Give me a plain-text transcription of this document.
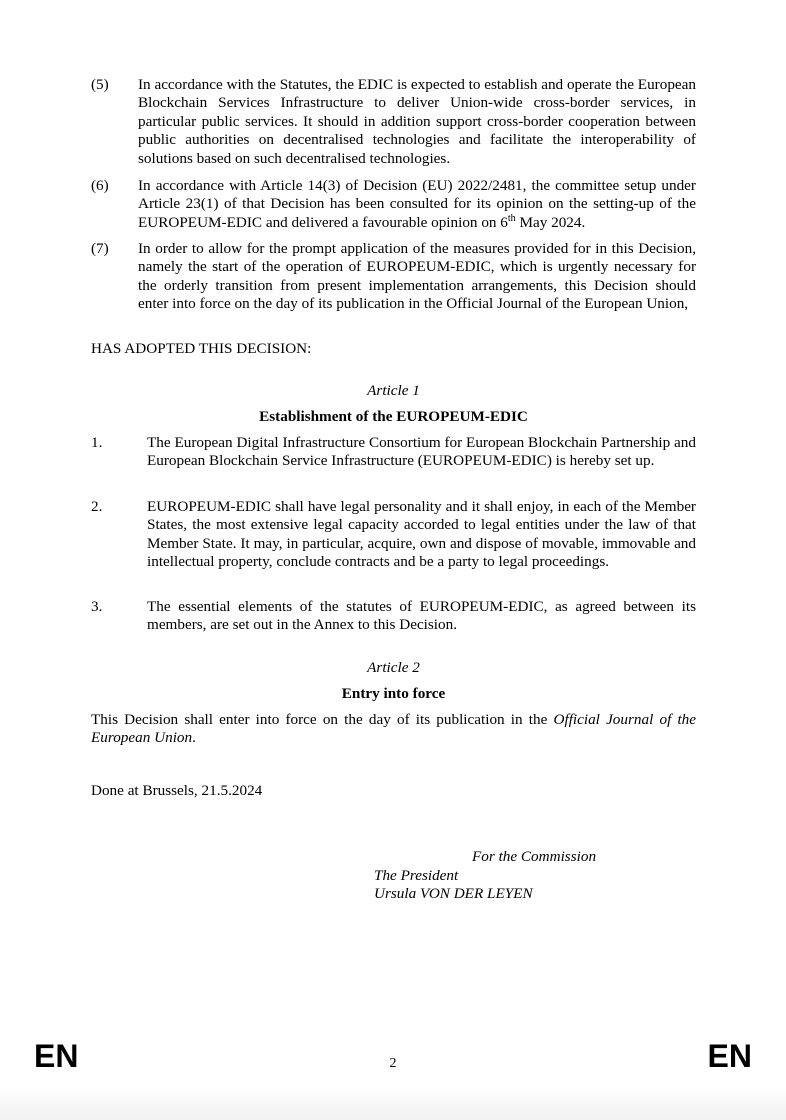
(5)	In accordance with the Statutes, the EDIC is expected to establish and operate the European Blockchain Services Infrastructure to deliver Union-wide cross-border services, in particular public services. It should in addition support cross-border cooperation between public authorities on decentralised technologies and facilitate the interoperability of solutions based on such decentralised technologies.
(6)	In accordance with Article 14(3) of Decision (EU) 2022/2481, the committee setup under Article 23(1) of that Decision has been consulted for its opinion on the setting-up of the EUROPEUM-EDIC and delivered a favourable opinion on 6th May 2024.
(7)	In order to allow for the prompt application of the measures provided for in this Decision, namely the start of the operation of EUROPEUM-EDIC, which is urgently necessary for the orderly transition from present implementation arrangements, this Decision should enter into force on the day of its publication in the Official Journal of the European Union,
HAS ADOPTED THIS DECISION:
Article 1
Establishment of the EUROPEUM-EDIC
1.	The European Digital Infrastructure Consortium for European Blockchain Partnership and European Blockchain Service Infrastructure (EUROPEUM-EDIC) is hereby set up.
2.	EUROPEUM-EDIC shall have legal personality and it shall enjoy, in each of the Member States, the most extensive legal capacity accorded to legal entities under the law of that Member State. It may, in particular, acquire, own and dispose of movable, immovable and intellectual property, conclude contracts and be a party to legal proceedings.
3.	The essential elements of the statutes of EUROPEUM-EDIC, as agreed between its members, are set out in the Annex to this Decision.
Article 2
Entry into force
This Decision shall enter into force on the day of its publication in the Official Journal of the European Union.
Done at Brussels, 21.5.2024
For the Commission
The President
Ursula VON DER LEYEN
EN	2	EN
